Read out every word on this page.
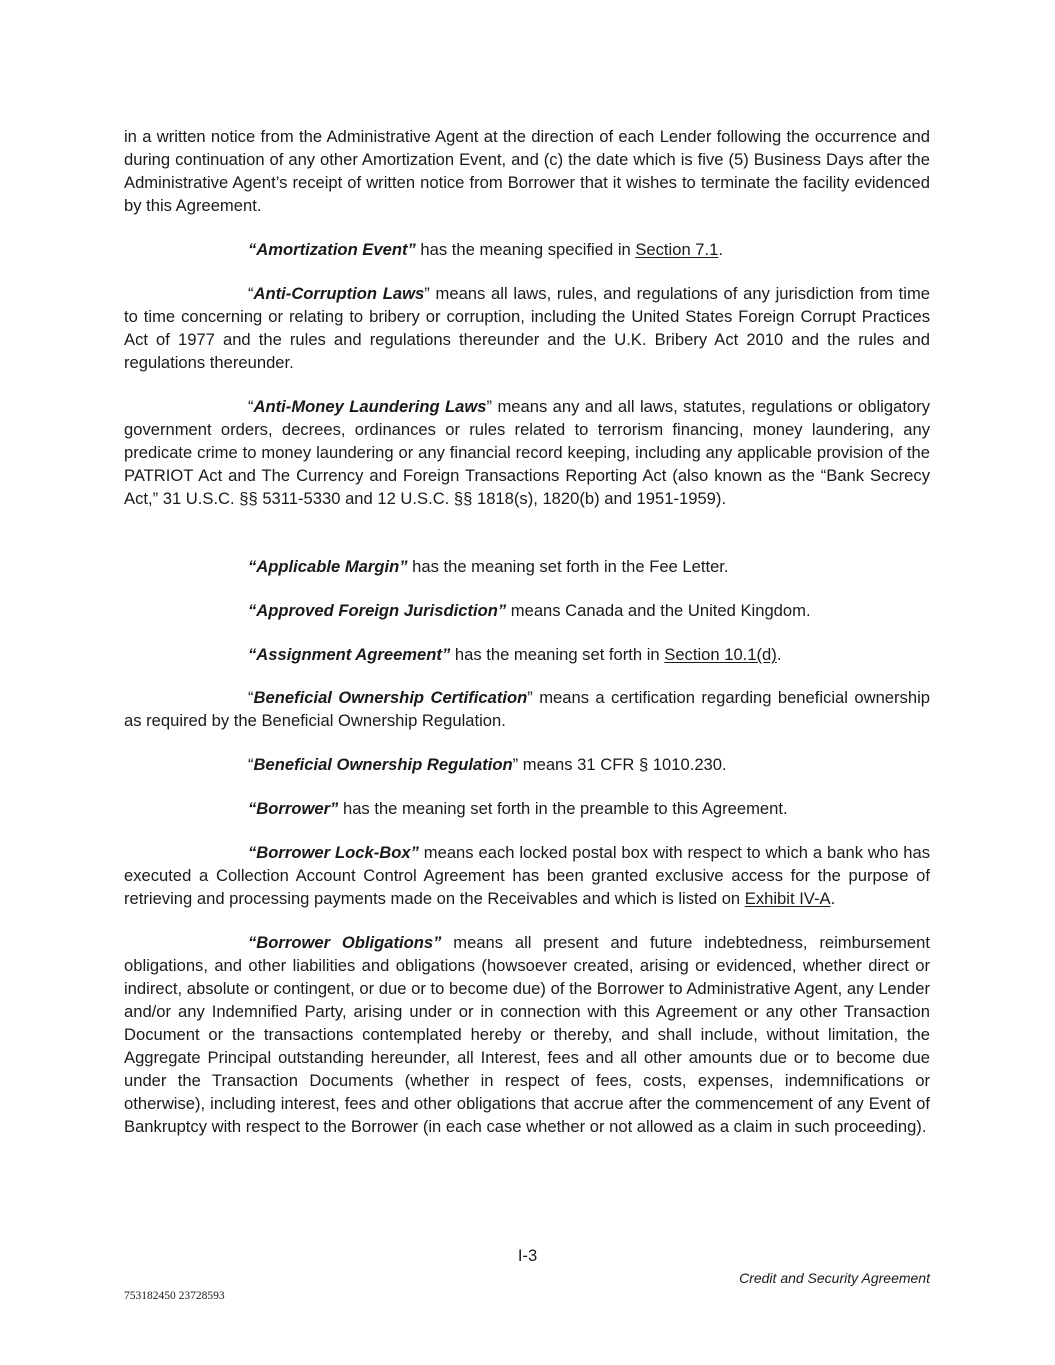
in a written notice from the Administrative Agent at the direction of each Lender following the occurrence and during continuation of any other Amortization Event, and (c) the date which is five (5) Business Days after the Administrative Agent’s receipt of written notice from Borrower that it wishes to terminate the facility evidenced by this Agreement.
“Amortization Event” has the meaning specified in Section 7.1.
“Anti-Corruption Laws” means all laws, rules, and regulations of any jurisdiction from time to time concerning or relating to bribery or corruption, including the United States Foreign Corrupt Practices Act of 1977 and the rules and regulations thereunder and the U.K. Bribery Act 2010 and the rules and regulations thereunder.
“Anti-Money Laundering Laws” means any and all laws, statutes, regulations or obligatory government orders, decrees, ordinances or rules related to terrorism financing, money laundering, any predicate crime to money laundering or any financial record keeping, including any applicable provision of the PATRIOT Act and The Currency and Foreign Transactions Reporting Act (also known as the “Bank Secrecy Act,” 31 U.S.C. §§ 5311-5330 and 12 U.S.C. §§ 1818(s), 1820(b) and 1951-1959).
“Applicable Margin” has the meaning set forth in the Fee Letter.
“Approved Foreign Jurisdiction” means Canada and the United Kingdom.
“Assignment Agreement” has the meaning set forth in Section 10.1(d).
“Beneficial Ownership Certification” means a certification regarding beneficial ownership as required by the Beneficial Ownership Regulation.
“Beneficial Ownership Regulation” means 31 CFR § 1010.230.
“Borrower” has the meaning set forth in the preamble to this Agreement.
“Borrower Lock-Box” means each locked postal box with respect to which a bank who has executed a Collection Account Control Agreement has been granted exclusive access for the purpose of retrieving and processing payments made on the Receivables and which is listed on Exhibit IV-A.
“Borrower Obligations” means all present and future indebtedness, reimbursement obligations, and other liabilities and obligations (howsoever created, arising or evidenced, whether direct or indirect, absolute or contingent, or due or to become due) of the Borrower to Administrative Agent, any Lender and/or any Indemnified Party, arising under or in connection with this Agreement or any other Transaction Document or the transactions contemplated hereby or thereby, and shall include, without limitation, the Aggregate Principal outstanding hereunder, all Interest, fees and all other amounts due or to become due under the Transaction Documents (whether in respect of fees, costs, expenses, indemnifications or otherwise), including interest, fees and other obligations that accrue after the commencement of any Event of Bankruptcy with respect to the Borrower (in each case whether or not allowed as a claim in such proceeding).
I-3
Credit and Security Agreement
753182450 23728593
